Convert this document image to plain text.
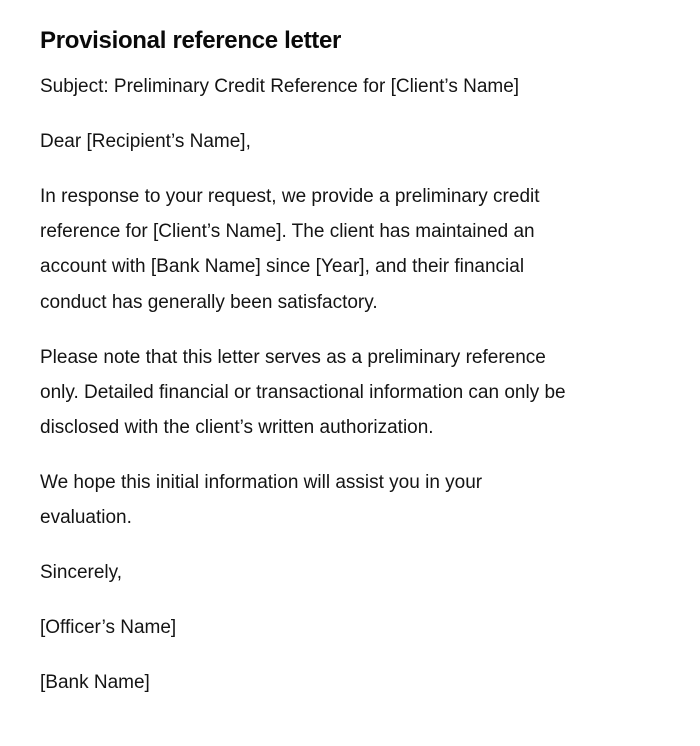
Provisional reference letter

Subject: Preliminary Credit Reference for [Client’s Name]

Dear [Recipient’s Name],

In response to your request, we provide a preliminary credit
reference for [Client’s Name]. The client has maintained an
account with [Bank Name] since [Year], and their financial
conduct has generally been satisfactory.

Please note that this letter serves as a preliminary reference
only. Detailed financial or transactional information can only be
disclosed with the client’s written authorization.

We hope this initial information will assist you in your
evaluation.

Sincerely,

[Officer’s Name]

[Bank Name]
